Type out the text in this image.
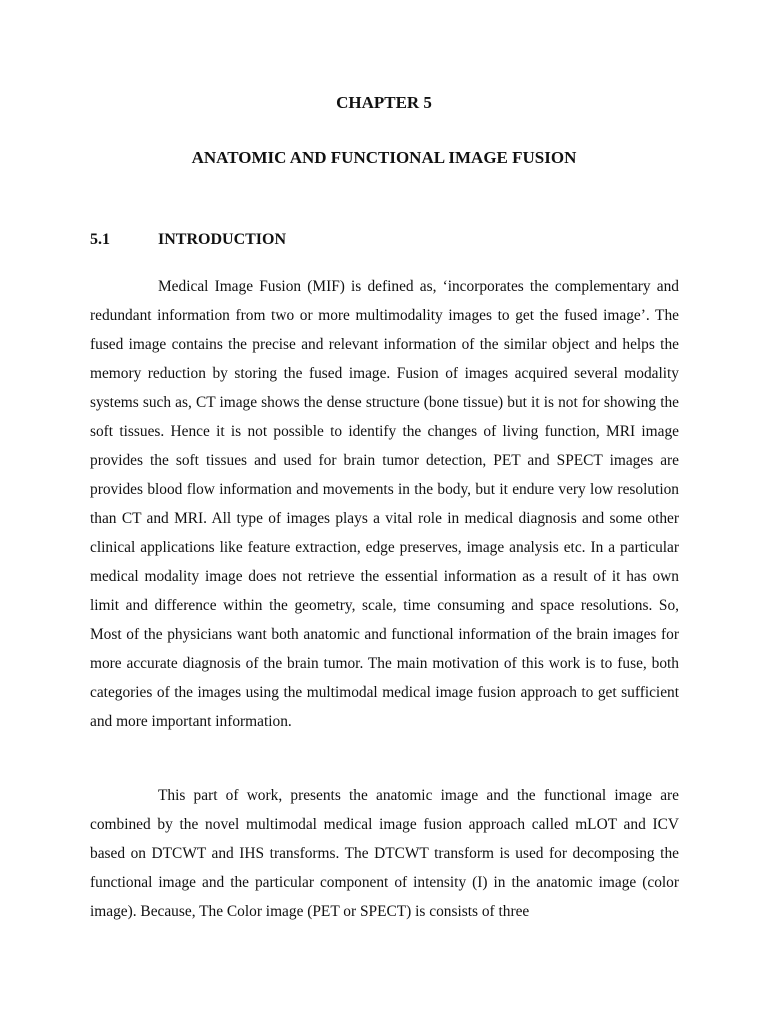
CHAPTER 5
ANATOMIC AND FUNCTIONAL IMAGE FUSION
5.1	INTRODUCTION

Medical Image Fusion (MIF) is defined as, ‘incorporates the complementary and redundant information from two or more multimodality images to get the fused image’. The fused image contains the precise and relevant information of the similar object and helps the memory reduction by storing the fused image. Fusion of images acquired several modality systems such as, CT image shows the dense structure (bone tissue) but it is not for showing the soft tissues. Hence it is not possible to identify the changes of living function, MRI image provides the soft tissues and used for brain tumor detection, PET and SPECT images are provides blood flow information and movements in the body, but it endure very low resolution than CT and MRI. All type of images plays a vital role in medical diagnosis and some other clinical applications like feature extraction, edge preserves, image analysis etc. In a particular medical modality image does not retrieve the essential information as a result of it has own limit and difference within the geometry, scale, time consuming and space resolutions. So, Most of the physicians want both anatomic and functional information of the brain images for more accurate diagnosis of the brain tumor. The main motivation of this work is to fuse, both categories of the images using the multimodal medical image fusion approach to get sufficient and more important information.

This part of work, presents the anatomic image and the functional image are combined by the novel multimodal medical image fusion approach called mLOT and ICV based on DTCWT and IHS transforms. The DTCWT transform is used for decomposing the functional image and the particular component of intensity (I) in the anatomic image (color image). Because, The Color image (PET or SPECT) is consists of three
